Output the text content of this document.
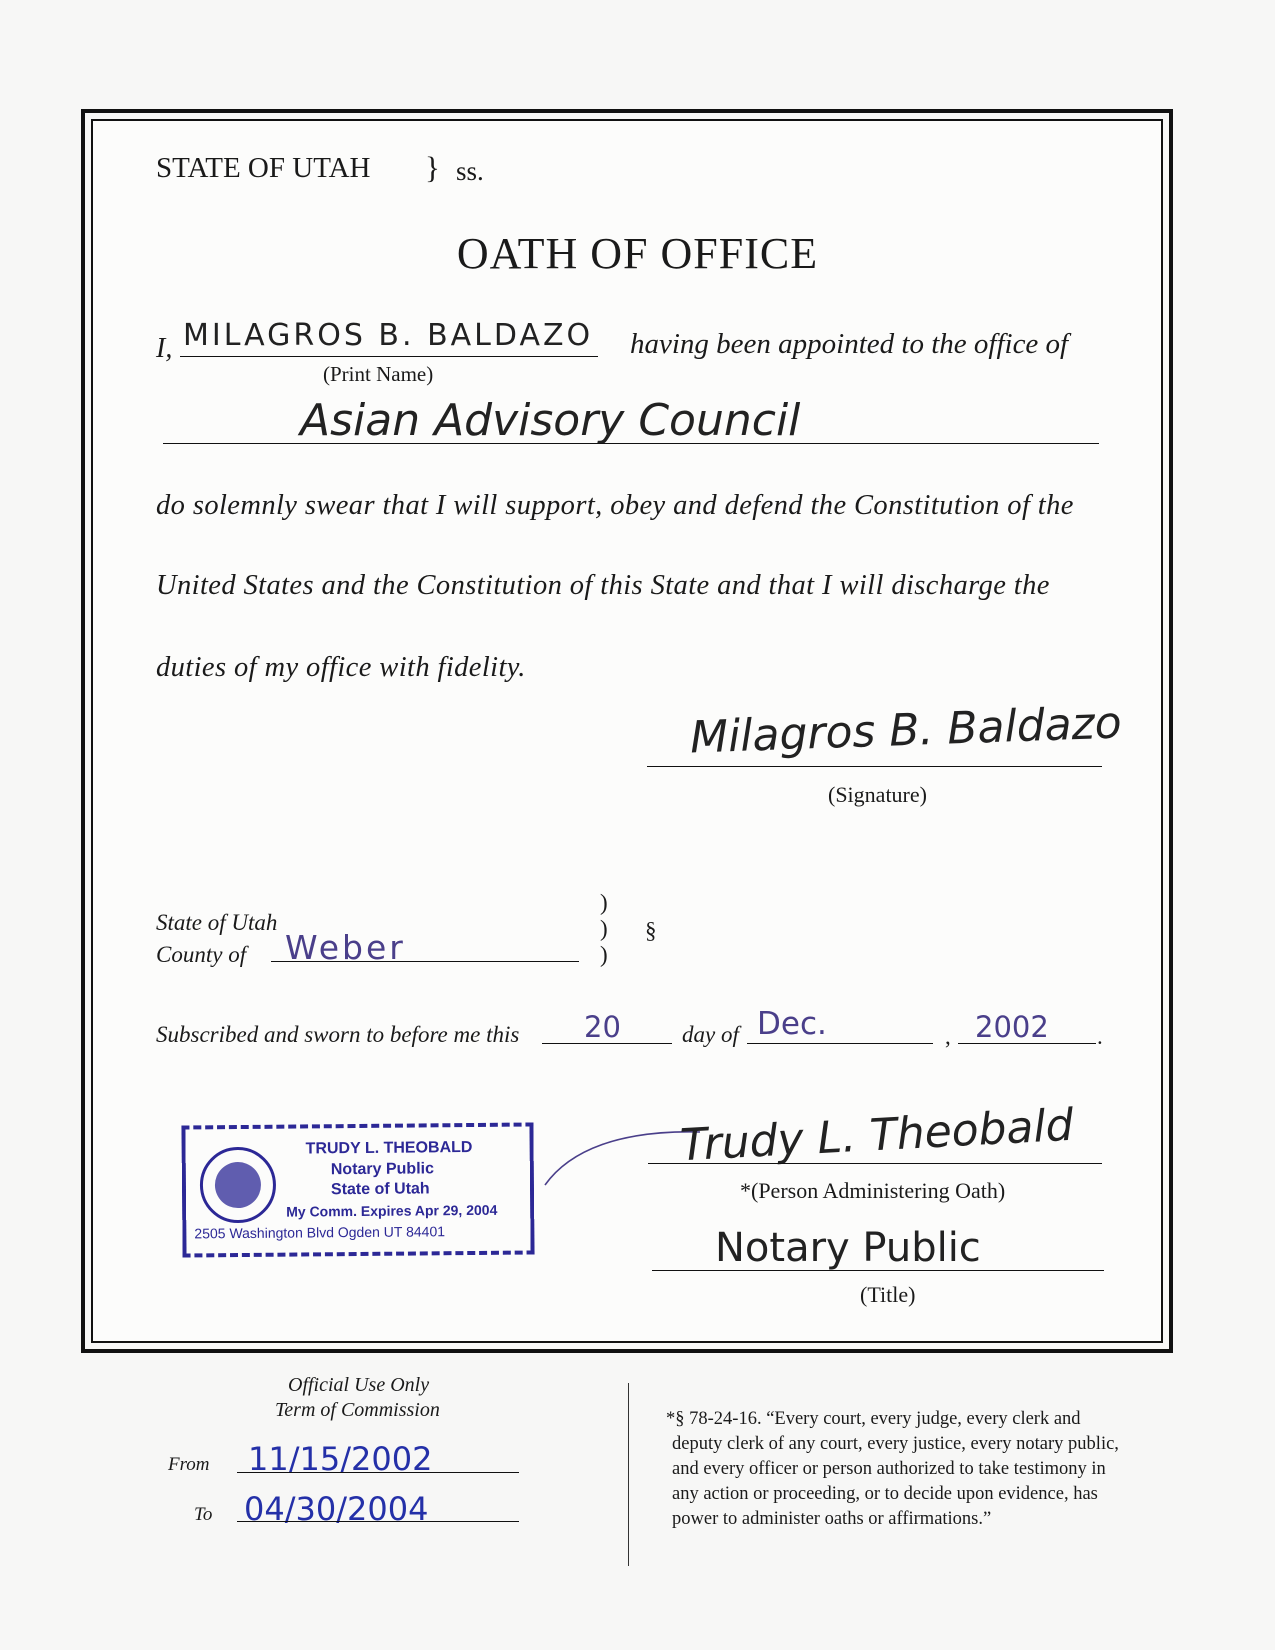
STATE OF UTAH } ss.
OATH OF OFFICE
I, MILAGROS B. BALDAZO
(Print Name)
having been appointed to the office of
Asian Advisory Council
do solemnly swear that I will support, obey and defend the Constitution of the
United States and the Constitution of this State and that I will discharge the
duties of my office with fidelity.
Milagros B. Baldazo
(Signature)
State of Utah
County of Weber
)
)
)
§
Subscribed and sworn to before me this 20	day of Dec.	, 2002 .
TRUDY L. THEOBALD
Notary Public
State of Utah
My Comm. Expires Apr 29, 2004
2505 Washington Blvd Ogden UT 84401
Trudy L. Theobald
*(Person Administering Oath)
Notary Public
(Title)
Official Use Only
Term of Commission
From 11/15/2002
To 04/30/2004
*§ 78-24-16. “Every court, every judge, every clerk and
deputy clerk of any court, every justice, every notary public,
and every officer or person authorized to take testimony in
any action or proceeding, or to decide upon evidence, has
power to administer oaths or affirmations.”
